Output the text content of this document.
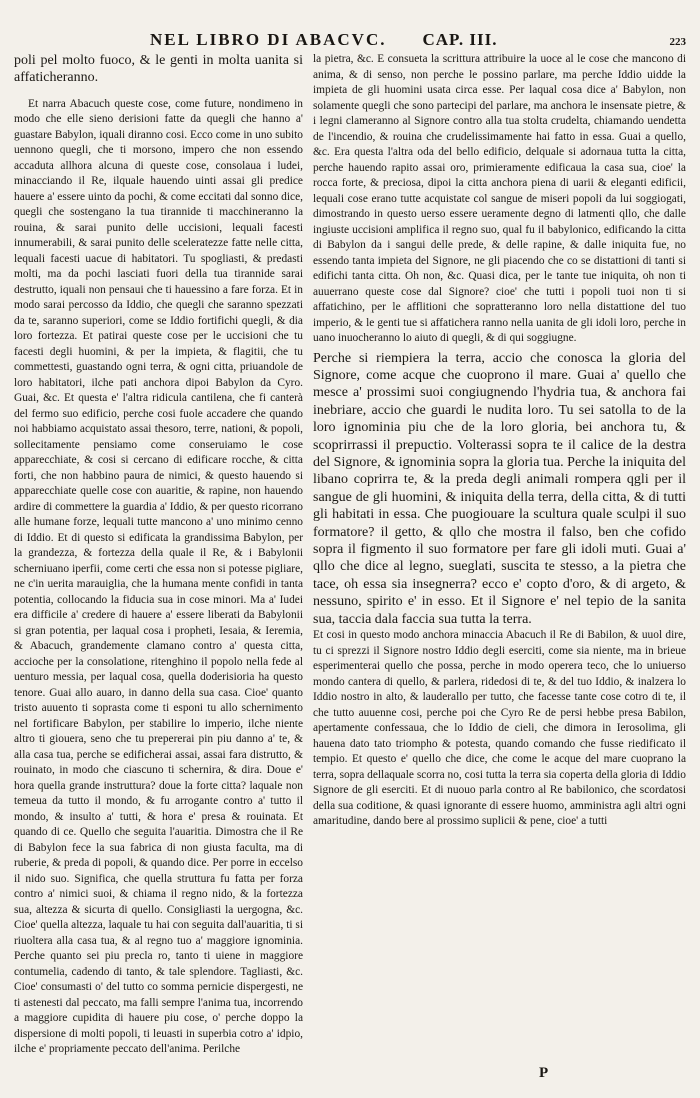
NEL LIBRO DI ABACVC. CAP. III.	223

poli pel molto fuoco, & le genti in molta uanita si affaticheranno.

Et narra Abacuch queste cose, come future, nondimeno in modo che elle sieno derisioni fatte da quegli che hanno a' guastare Babylon, iquali diranno cosi. Ecco come in uno subito uennono quegli, che ti morsono, impero che non essendo accaduta allhora alcuna di queste cose, consolaua i ludei, minacciando il Re, ilquale hauendo uinti assai gli predice hauere a' essere uinto da pochi, & come eccitati dal sonno dice, quegli che sostengano la tua tirannide ti macchineranno la rouina, & sarai punito delle uccisioni, lequali facesti innumerabili, & sarai punito delle sceleratezze fatte nelle citta, lequali facesti uacue di habitatori. Tu spogliasti, & predasti molti, ma da pochi lasciati fuori della tua tirannide sarai destrutto, iquali non pensaui che ti hauessino a fare forza. Et in modo sarai percosso da Iddio, che quegli che saranno spezzati da te, saranno superiori, come se Iddio fortifichi quegli, & dia loro fortezza. Et patirai queste cose per le uccisioni che tu facesti degli huomini, & per la impieta, & flagitii, che tu commettesti, guastando ogni terra, & ogni citta, priuandole de loro habitatori, ilche pati anchora dipoi Babylon da Cyro. Guai, &c. Et questa e' l'altra ridicula cantilena, che fi canterà del fermo suo edificio, perche cosi fuole accadere che quando noi habbiamo acquistato assai thesoro, terre, nationi, & popoli, sollecitamente pensiamo come conseruiamo le cose apparecchiate, & cosi si cercano di edificare rocche, & citta forti, che non habbino paura de nimici, & questo hauendo si apparecchiate quelle cose con auaritie, & rapine, non hauendo ardire di commettere la guardia a' Iddio, & per questo ricorrano alle humane forze, lequali tutte mancono a' uno minimo cenno di Iddio. Et di questo si edificata la grandissima Babylon, per la grandezza, & fortezza della quale il Re, & i Babylonii scherniuano iperfii, come certi che essa non si potesse pigliare, ne c'in uerita marauiglia, che la humana mente confidi in tanta potentia, collocando la fiducia sua in cose minori. Ma a' Iudei era difficile a' credere di hauere a' essere liberati da Babylonii si gran potentia, per laqual cosa i propheti, Iesaia, & Ieremia, & Abacuch, grandemente clamano contro a' questa citta, accioche per la consolatione, ritenghino il popolo nella fede al uenturo messia, per laqual cosa, quella doderisioria ha questo tenore. Guai allo auaro, in danno della sua casa. Cioe' quanto tristo auuento ti soprasta come ti esponi tu allo schernimento nel fortificare Babylon, per stabilire lo imperio, ilche niente altro ti giouera, seno che tu prepererai pin piu danno a' te, & alla casa tua, perche se edificherai assai, assai fara distrutto, & rouinato, in modo che ciascuno ti schernira, & dira. Doue e' hora quella grande instruttura? doue la forte citta? laquale non temeua da tutto il mondo, & fu arrogante contro a' tutto il mondo, & insulto a' tutti, & hora e' presa & rouinata. Et quando di ce. Quello che seguita l'auaritia. Dimostra che il Re di Babylon fece la sua fabrica di non giusta faculta, ma di ruberie, & preda di popoli, & quando dice. Per porre in eccelso il nido suo. Significa, che quella struttura fu fatta per forza contro a' nimici suoi, & chiama il regno nido, & la fortezza sua, altezza & sicurta di quello. Consigliasti la uergogna, &c. Cioe' quella altezza, laquale tu hai con seguita dall'auaritia, ti si riuoltera alla casa tua, & al regno tuo a' maggiore ignominia. Perche quanto sei piu precla ro, tanto ti uiene in maggiore contumelia, cadendo di tanto, & tale splendore. Tagliasti, &c. Cioe' consumasti o' del tutto co somma pernicie dispergesti, ne ti astenesti dal peccato, ma falli sempre l'anima tua, incorrendo a maggiore cupidita di hauere piu cose, o' perche doppo la dispersione di molti popoli, ti leuasti in superbia cotro a' idpio, ilche e' propriamente peccato dell'anima. Perilche

la pietra, &c. E consueta la scrittura attribuire la uoce al le cose che mancono di anima, & di senso, non perche le possino parlare, ma perche Iddio uidde la impieta de gli huomini usata circa esse. Per laqual cosa dice a' Babylon, non solamente quegli che sono partecipi del parlare, ma anchora le insensate pietre, & i legni clameranno al Signore contro alla tua stolta crudelta, chiamando uendetta de l'incendio, & rouina che crudelissimamente hai fatto in essa. Guai a quello, &c. Era questa l'altra oda del bello edificio, delquale si adornaua tutta la citta, perche hauendo rapito assai oro, primieramente edificaua la casa sua, cioe' la rocca forte, & preciosa, dipoi la citta anchora piena di uarii & eleganti edificii, lequali cose erano tutte acquistate col sangue de miseri popoli da lui soggiogati, dimostrando in questo uerso essere ueramente degno di latmenti qllo, che dalle ingiuste uccisioni amplifica il regno suo, qual fu il babylonico, edificando la citta di Babylon da i sangui delle prede, & delle rapine, & dalle iniquita fue, no essendo tanta impieta del Signore, ne gli piacendo che co se distattioni di tanti si edifichi tanta citta. Oh non, &c. Quasi dica, per le tante tue iniquita, oh non ti auuerrano queste cose dal Signore? cioe' che tutti i popoli tuoi non ti si affatichino, per le afflitioni che sopratteranno loro nella distattione del tuo imperio, & le genti tue si affatichera ranno nella uanita de gli idoli loro, perche in uano inuocheranno lo aiuto di quegli, & di qui soggiugne.

Perche si riempiera la terra, accio che conosca la gloria del Signore, come acque che cuoprono il mare. Guai a' quello che mesce a' prossimi suoi congiugnendo l'hydria tua, & anchora fai inebriare, accio che guardi le nudita loro. Tu sei satolla to de la loro ignominia piu che de la loro gloria, bei anchora tu, & scoprirrassi il prepuctio. Volterassi sopra te il calice de la destra del Signore, & ignominia sopra la gloria tua. Perche la iniquita del libano coprirra te, & la preda degli animali rompera qgli per il sangue de gli huomini, & iniquita della terra, della citta, & di tutti gli habitati in essa. Che puogiouare la scultura quale sculpi il suo formatore? il getto, & qllo che mostra il falso, ben che cofido sopra il figmento il suo formatore per fare gli idoli muti. Guai a' qllo che dice al legno, sueglati, suscita te stesso, a la pietra che tace, oh essa sia insegnerra? ecco e' copto d'oro, & di argeto, & nessuno, spirito e' in esso. Et il Signore e' nel tepio de la sanita sua, taccia dala faccia sua tutta la terra.

Et cosi in questo modo anchora minaccia Abacuch il Re di Babilon, & uuol dire, tu ci sprezzi il Signore nostro Iddio degli eserciti, come sia niente, ma in brieue esperimenterai quello che possa, perche in modo operera teco, che lo uniuerso mondo cantera di quello, & parlera, ridedosi di te, & del tuo Iddio, & inalzera lo Iddio nostro in alto, & lauderallo per tutto, che facesse tante cose cotro di te, il che tutto auuenne cosi, perche poi che Cyro Re de persi hebbe presa Babilon, apertamente confessaua, che lo Iddio de cieli, che dimora in Ierosolima, gli hauena dato tato triompho & potesta, quando comando che fusse riedificato il tempio. Et questo e' quello che dice, che come le acque del mare cuoprano la terra, sopra dellaquale scorra no, cosi tutta la terra sia coperta della gloria di Iddio Signore de gli eserciti. Et di nuouo parla contro al Re babilonico, che scordatosi della sua coditione, & quasi ignorante di essere huomo, amministra agli altri ogni amaritudine, dando bere al prossimo suplicii & pene, cioe' a tutti

P
